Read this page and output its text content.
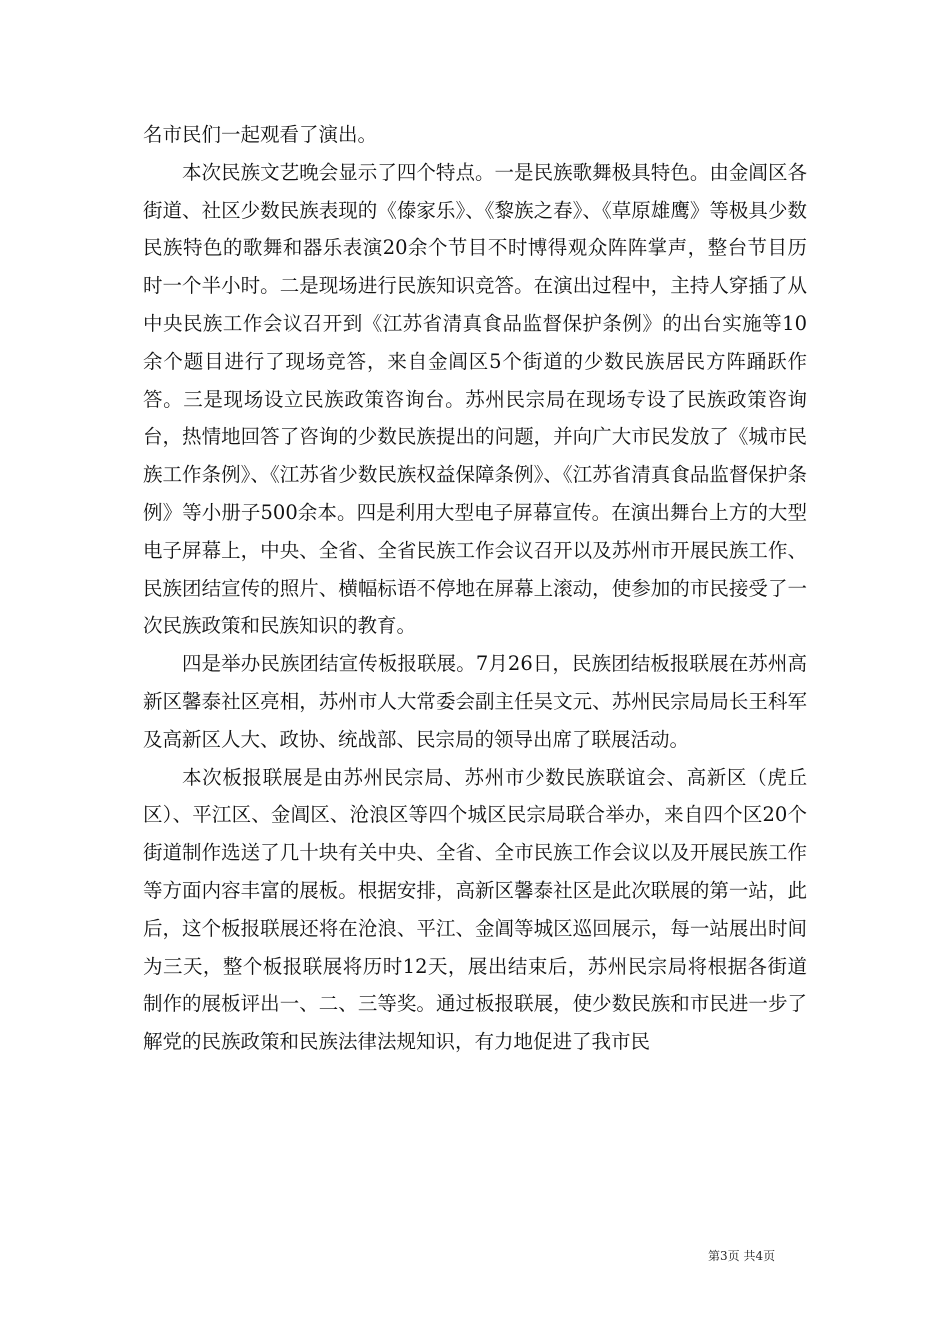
名市民们一起观看了演出。

本次民族文艺晚会显示了四个特点。一是民族歌舞极具特色。由金阊区各街道、社区少数民族表现的《傣家乐》、《黎族之春》、《草原雄鹰》等极具少数民族特色的歌舞和器乐表演20余个节目不时博得观众阵阵掌声，整台节目历时一个半小时。二是现场进行民族知识竞答。在演出过程中，主持人穿插了从中央民族工作会议召开到《江苏省清真食品监督保护条例》的出台实施等10余个题目进行了现场竞答，来自金阊区5个街道的少数民族居民方阵踊跃作答。三是现场设立民族政策咨询台。苏州民宗局在现场专设了民族政策咨询台，热情地回答了咨询的少数民族提出的问题，并向广大市民发放了《城市民族工作条例》、《江苏省少数民族权益保障条例》、《江苏省清真食品监督保护条例》等小册子500余本。四是利用大型电子屏幕宣传。在演出舞台上方的大型电子屏幕上，中央、全省、全省民族工作会议召开以及苏州市开展民族工作、民族团结宣传的照片、横幅标语不停地在屏幕上滚动，使参加的市民接受了一次民族政策和民族知识的教育。

四是举办民族团结宣传板报联展。7月26日，民族团结板报联展在苏州高新区馨泰社区亮相，苏州市人大常委会副主任吴文元、苏州民宗局局长王科军及高新区人大、政协、统战部、民宗局的领导出席了联展活动。

本次板报联展是由苏州民宗局、苏州市少数民族联谊会、高新区（虎丘区）、平江区、金阊区、沧浪区等四个城区民宗局联合举办，来自四个区20个街道制作选送了几十块有关中央、全省、全市民族工作会议以及开展民族工作等方面内容丰富的展板。根据安排，高新区馨泰社区是此次联展的第一站，此后，这个板报联展还将在沧浪、平江、金阊等城区巡回展示，每一站展出时间为三天，整个板报联展将历时12天，展出结束后，苏州民宗局将根据各街道制作的展板评出一、二、三等奖。通过板报联展，使少数民族和市民进一步了解党的民族政策和民族法律法规知识，有力地促进了我市民

第3页 共4页
